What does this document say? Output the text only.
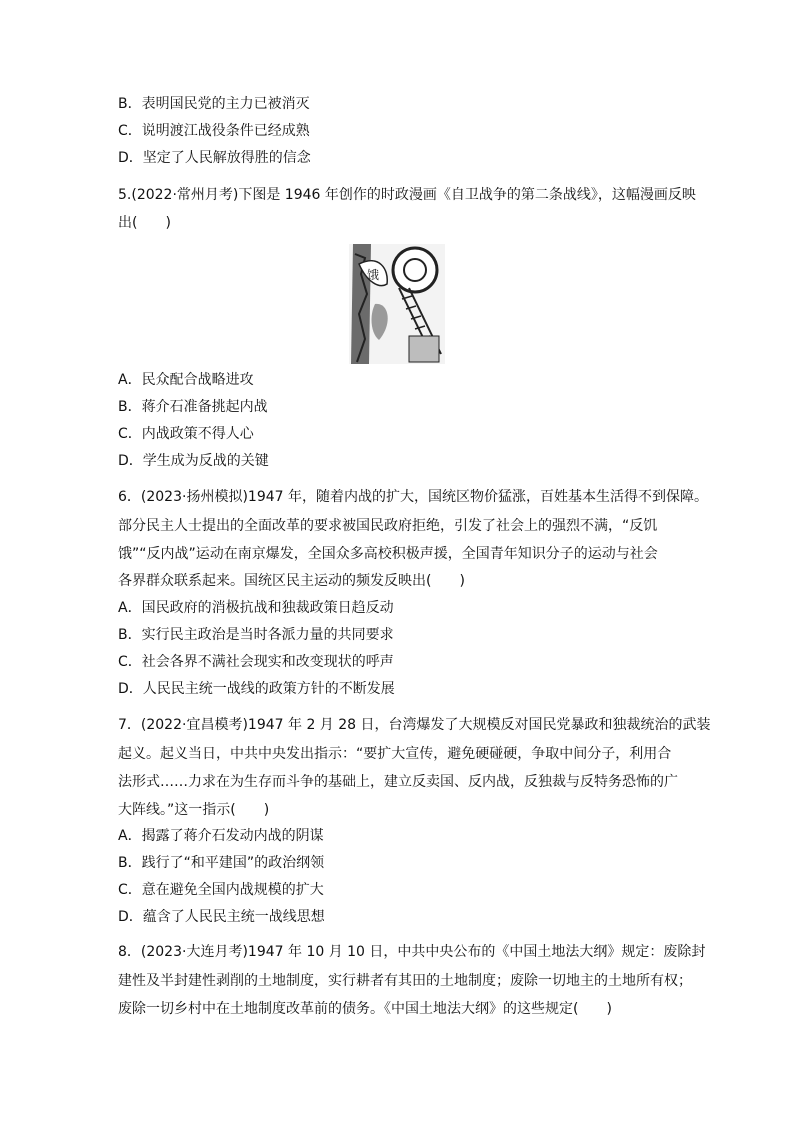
B．表明国民党的主力已被消灭
C．说明渡江战役条件已经成熟
D．坚定了人民解放得胜的信念
5.(2022·常州月考)下图是 1946 年创作的时政漫画《自卫战争的第二条战线》，这幅漫画反映
出(　　)
饿
A．民众配合战略进攻
B．蒋介石准备挑起内战
C．内战政策不得人心
D．学生成为反战的关键
6．(2023·扬州模拟)1947 年，随着内战的扩大，国统区物价猛涨，百姓基本生活得不到保障。
部分民主人士提出的全面改革的要求被国民政府拒绝，引发了社会上的强烈不满，“反饥
饿”“反内战”运动在南京爆发，全国众多高校积极声援，全国青年知识分子的运动与社会
各界群众联系起来。国统区民主运动的频发反映出(　　)
A．国民政府的消极抗战和独裁政策日趋反动
B．实行民主政治是当时各派力量的共同要求
C．社会各界不满社会现实和改变现状的呼声
D．人民民主统一战线的政策方针的不断发展
7．(2022·宜昌模考)1947 年 2 月 28 日，台湾爆发了大规模反对国民党暴政和独裁统治的武装
起义。起义当日，中共中央发出指示：“要扩大宣传，避免硬碰硬，争取中间分子，利用合
法形式……力求在为生存而斗争的基础上，建立反卖国、反内战，反独裁与反特务恐怖的广
大阵线。”这一指示(　　)
A．揭露了蒋介石发动内战的阴谋
B．践行了“和平建国”的政治纲领
C．意在避免全国内战规模的扩大
D．蕴含了人民民主统一战线思想
8．(2023·大连月考)1947 年 10 月 10 日，中共中央公布的《中国土地法大纲》规定：废除封
建性及半封建性剥削的土地制度，实行耕者有其田的土地制度；废除一切地主的土地所有权；
废除一切乡村中在土地制度改革前的债务。《中国土地法大纲》的这些规定(　　)
